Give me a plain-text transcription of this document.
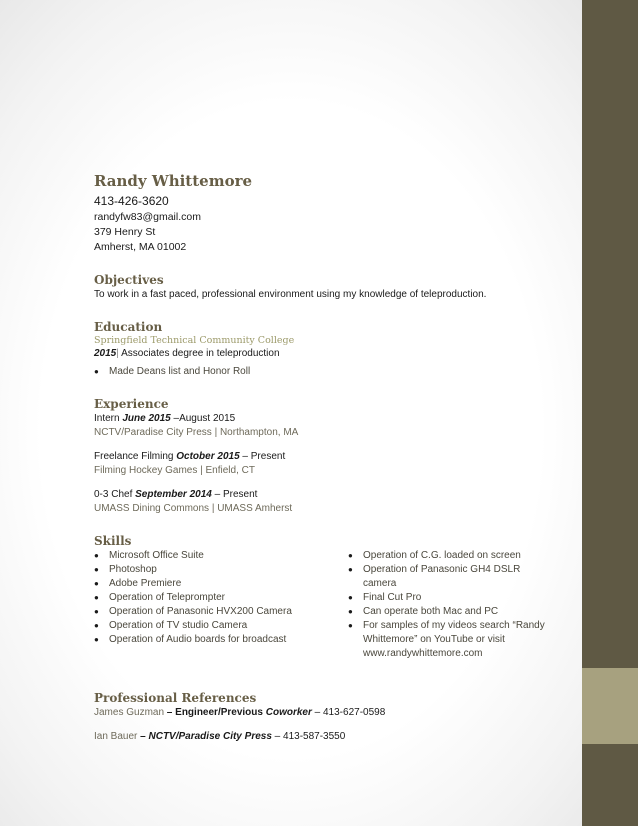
Randy Whittemore
413-426-3620
randyfw83@gmail.com
379 Henry St
Amherst, MA 01002
Objectives
To work in a fast paced, professional environment using my knowledge of teleproduction.
Education
Springfield Technical Community College
2015| Associates degree in teleproduction
● Made Deans list and Honor Roll
Experience
Intern June 2015 –August 2015
NCTV/Paradise City Press | Northampton, MA
Freelance Filming October 2015 – Present
Filming Hockey Games | Enfield, CT
0-3 Chef September 2014 – Present
UMASS Dining Commons | UMASS Amherst
Skills
● Microsoft Office Suite
● Photoshop
● Adobe Premiere
● Operation of Teleprompter
● Operation of Panasonic HVX200 Camera
● Operation of TV studio Camera
● Operation of Audio boards for broadcast
● Operation of C.G. loaded on screen
● Operation of Panasonic GH4 DSLR camera
● Final Cut Pro
● Can operate both Mac and PC
● For samples of my videos search “Randy Whittemore” on YouTube or visit www.randywhittemore.com
Professional References
James Guzman – Engineer/Previous Coworker – 413-627-0598
Ian Bauer – NCTV/Paradise City Press – 413-587-3550
